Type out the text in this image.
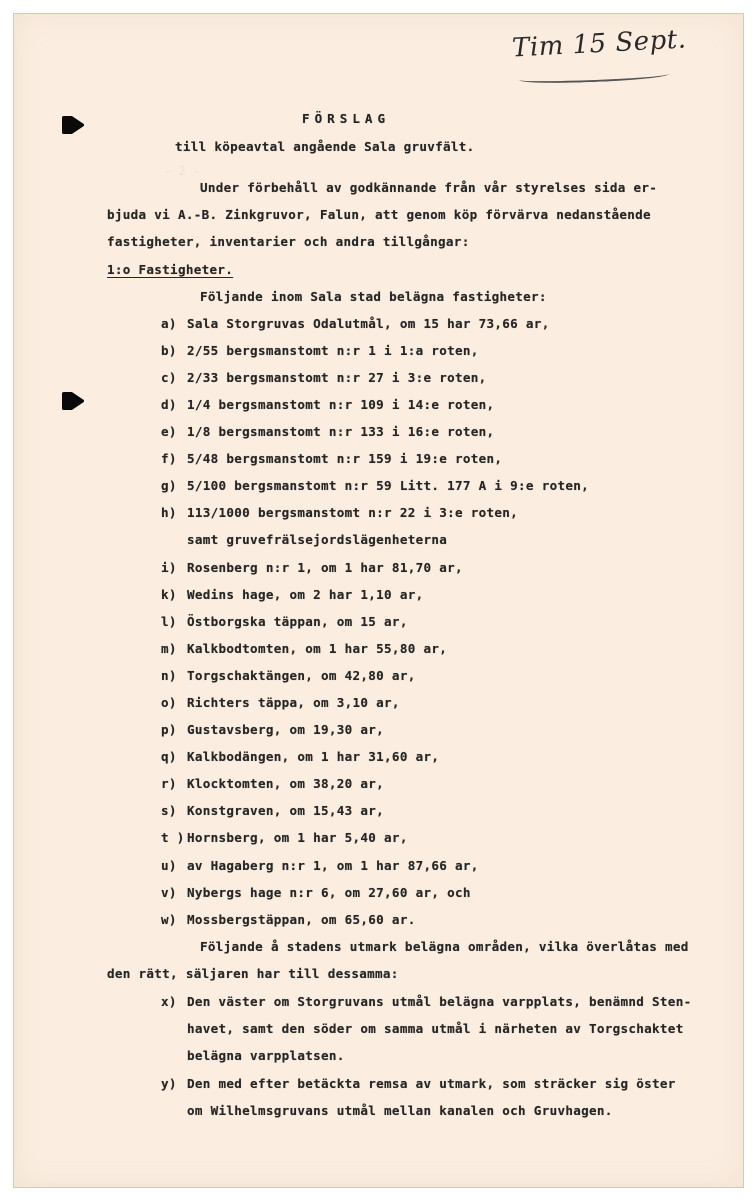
- 2 -

Tim 15 Sept.
FÖRSLAG
till köpeavtal angående Sala gruvfält.
Under förbehåll av godkännande från vår styrelses sida er-
bjuda vi A.-B. Zinkgruvor, Falun, att genom köp förvärva nedanstående
fastigheter, inventarier och andra tillgångar:
1:o Fastigheter.
Följande inom Sala stad belägna fastigheter:
a) Sala Storgruvas Odalutmål, om 15 har 73,66 ar,
b) 2/55 bergsmanstomt n:r 1 i 1:a roten,
c) 2/33 bergsmanstomt n:r 27 i 3:e roten,
d) 1/4 bergsmanstomt n:r 109 i 14:e roten,
e) 1/8 bergsmanstomt n:r 133 i 16:e roten,
f) 5/48 bergsmanstomt n:r 159 i 19:e roten,
g) 5/100 bergsmanstomt n:r 59 Litt. 177 A i 9:e roten,
h) 113/1000 bergsmanstomt n:r 22 i 3:e roten,
samt gruvefrälsejordslägenheterna
i) Rosenberg n:r 1, om 1 har 81,70 ar,
k) Wedins hage, om 2 har 1,10 ar,
l) Östborgska täppan, om 15 ar,
m) Kalkbodtomten, om 1 har 55,80 ar,
n) Torgschaktängen, om 42,80 ar,
o) Richters täppa, om 3,10 ar,
p) Gustavsberg, om 19,30 ar,
q) Kalkbodängen, om 1 har 31,60 ar,
r) Klocktomten, om 38,20 ar,
s) Konstgraven, om 15,43 ar,
t ) Hornsberg, om 1 har 5,40 ar,
u) av Hagaberg n:r 1, om 1 har 87,66 ar,
v) Nybergs hage n:r 6, om 27,60 ar, och
w) Mossbergstäppan, om 65,60 ar.
Följande å stadens utmark belägna områden, vilka överlåtas med
den rätt, säljaren har till dessamma:
x) Den väster om Storgruvans utmål belägna varpplats, benämnd Sten-
havet, samt den söder om samma utmål i närheten av Torgschaktet
belägna varpplatsen.
y) Den med efter betäckta remsa av utmark, som sträcker sig öster
om Wilhelmsgruvans utmål mellan kanalen och Gruvhagen.
